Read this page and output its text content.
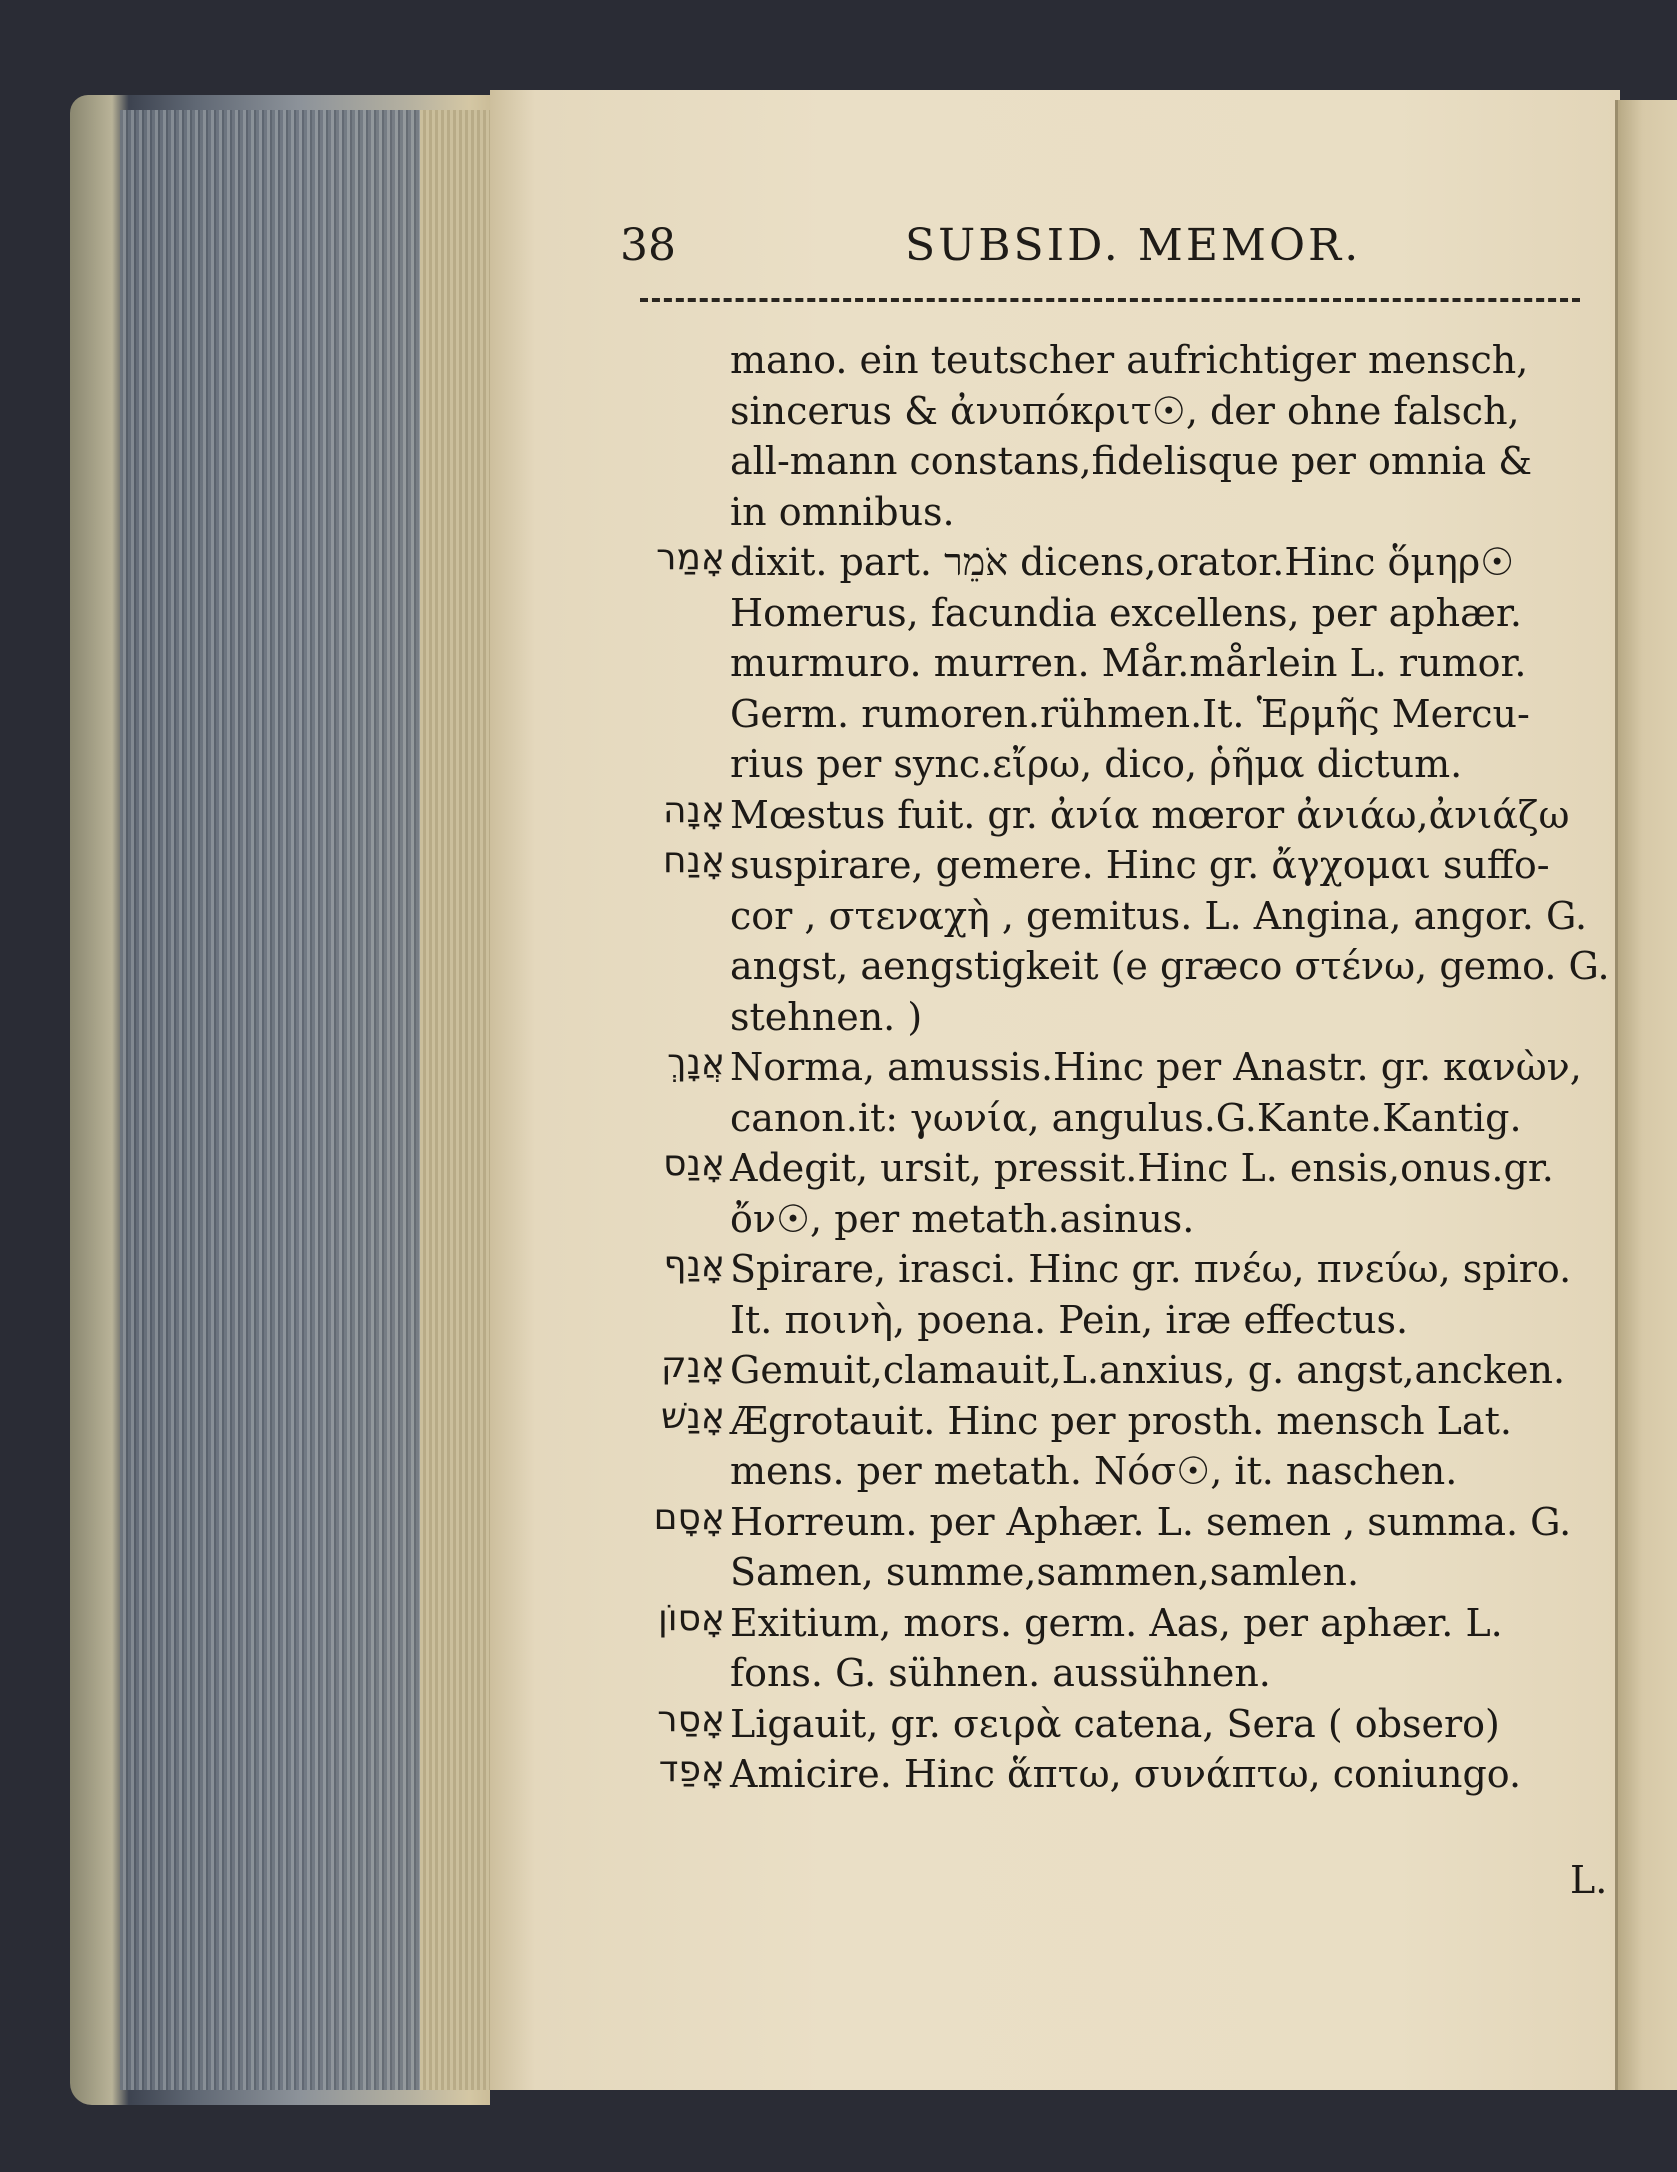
38	SUBSID. MEMOR.
mano. ein teutscher aufrichtiger mensch,
sincerus & ἀνυπόκριτ☉, der ohne falsch,
all-mann constans,fidelisque per omnia &
in omnibus.
אָמַר dixit. part. אֹמֵר dicens,orator.Hinc ὅμηρ☉
Homerus, facundia excellens, per aphær.
murmuro. murren. Mår.mårlein L. rumor.
Germ. rumoren.rühmen.It. Ἑρμῆς Mercu-
rius per sync.εἴρω, dico, ῥῆμα dictum.
אָנָה Mœstus fuit. gr. ἀνία mœror ἀνιάω,ἀνιάζω
אָנַח suspirare, gemere. Hinc gr. ἄγχομαι suffo-
cor , στεναχὴ , gemitus. L. Angina, angor. G.
angst, aengstigkeit (e græco στένω, gemo. G.
stehnen. )
אֲנָךְ Norma, amussis.Hinc per Anastr. gr. κανὼν,
canon.it: γωνία, angulus.G.Kante.Kantig.
אָנַס Adegit, ursit, pressit.Hinc L. ensis,onus.gr.
ὄν☉, per metath.asinus.
אָנַף Spirare, irasci. Hinc gr. πνέω, πνεύω, spiro.
It. ποινὴ, poena. Pein, iræ effectus.
אָנַק Gemuit,clamauit,L.anxius, g. angst,ancken.
אָנַשׁ Ægrotauit. Hinc per prosth. mensch Lat.
mens. per metath. Νόσ☉, it. naschen.
אָסָם Horreum. per Aphær. L. semen , summa. G.
Samen, summe,sammen,samlen.
אָסוֹן Exitium, mors. germ. Aas, per aphær. L.
fons. G. sühnen. aussühnen.
אָסַר Ligauit, gr. σειρὰ catena, Sera ( obsero)
אָפַד Amicire. Hinc ἅπτω, συνάπτω, coniungo.
L.
